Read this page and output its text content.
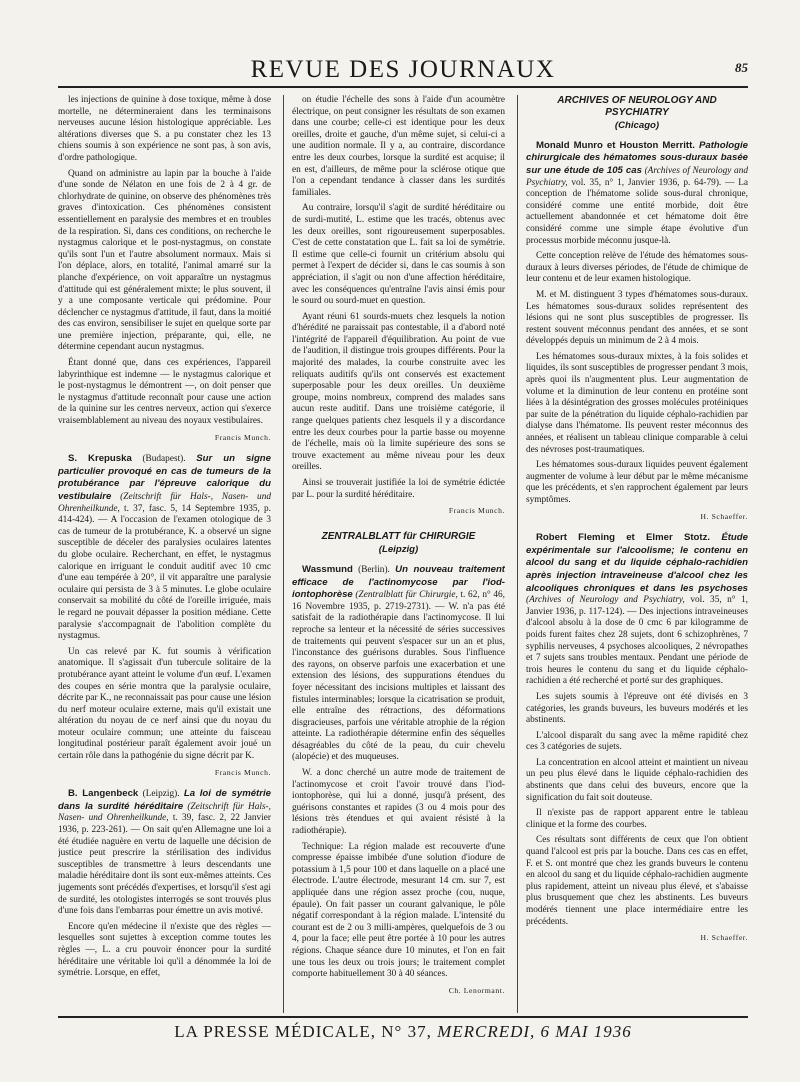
REVUE DES JOURNAUX	85

les injections de quinine à dose toxique, même à dose mortelle, ne détermineraient dans les terminaisons nerveuses aucune lésion histologique appréciable. Les altérations diverses que S. a pu constater chez les 13 chiens soumis à son expérience ne sont pas, à son avis, d'ordre pathologique.

Quand on administre au lapin par la bouche à l'aide d'une sonde de Nélaton en une fois de 2 à 4 gr. de chlorhydrate de quinine, on observe des phénomènes très graves d'intoxication. Ces phénomènes consistent essentiellement en paralysie des membres et en troubles de la respiration. Si, dans ces conditions, on recherche le nystagmus calorique et le post-nystagmus, on constate qu'ils sont l'un et l'autre absolument normaux. Mais si l'on déplace, alors, en totalité, l'animal amarré sur la planche d'expérience, on voit apparaître un nystagmus d'attitude qui est généralement mixte; le plus souvent, il y a une composante verticale qui prédomine. Pour déclencher ce nystagmus d'attitude, il faut, dans la moitié des cas environ, sensibiliser le sujet en quelque sorte par une première injection, préparante, qui, elle, ne détermine cependant aucun nystagmus.

Étant donné que, dans ces expériences, l'appareil labyrinthique est indemne — le nystagmus calorique et le post-nystagmus le démontrent —, on doit penser que le nystagmus d'attitude reconnaît pour cause une action de la quinine sur les centres nerveux, action qui s'exerce vraisemblablement au niveau des noyaux vestibulaires.

Francis Munch.

S. Krepuska (Budapest). Sur un signe particulier provoqué en cas de tumeurs de la protubérance par l'épreuve calorique du vestibulaire (Zeitschrift für Hals-, Nasen- und Ohrenheilkunde, t. 37, fasc. 5, 14 Septembre 1935, p. 414-424). — A l'occasion de l'examen otologique de 3 cas de tumeur de la protubérance, K. a observé un signe susceptible de déceler des paralysies oculaires latentes du globe oculaire. Recherchant, en effet, le nystagmus calorique en irriguant le conduit auditif avec 10 cmc d'une eau tempérée à 20°, il vit apparaître une paralysie oculaire qui persista de 3 à 5 minutes. Le globe oculaire conservait sa mobilité du côté de l'oreille irriguée, mais le regard ne pouvait dépasser la position médiane. Cette paralysie s'accompagnait de l'abolition complète du nystagmus.

Un cas relevé par K. fut soumis à vérification anatomique. Il s'agissait d'un tubercule solitaire de la protubérance ayant atteint le volume d'un œuf. L'examen des coupes en série montra que la paralysie oculaire, décrite par K., ne reconnaissait pas pour cause une lésion du nerf moteur oculaire externe, mais qu'il existait une altération du noyau de ce nerf ainsi que du noyau du moteur oculaire commun; une atteinte du faisceau longitudinal postérieur paraît également avoir joué un certain rôle dans la pathogénie du signe décrit par K.

Francis Munch.

B. Langenbeck (Leipzig). La loi de symétrie dans la surdité héréditaire (Zeitschrift für Hals-, Nasen- und Ohrenheilkunde, t. 39, fasc. 2, 22 Janvier 1936, p. 223-261). — On sait qu'en Allemagne une loi a été étudiée naguère en vertu de laquelle une décision de justice peut prescrire la stérilisation des individus susceptibles de transmettre à leurs descendants une maladie héréditaire dont ils sont eux-mêmes atteints. Ces jugements sont précédés d'expertises, et lorsqu'il s'est agi de surdité, les otologistes interrogés se sont trouvés plus d'une fois dans l'embarras pour émettre un avis motivé.

Encore qu'en médecine il n'existe que des règles — lesquelles sont sujettes à exception comme toutes les règles —, L. a cru pouvoir énoncer pour la surdité héréditaire une véritable loi qu'il a dénommée la loi de symétrie. Lorsque, en effet,

on étudie l'échelle des sons à l'aide d'un acoumètre électrique, on peut consigner les résultats de son examen dans une courbe; celle-ci est identique pour les deux oreilles, droite et gauche, d'un même sujet, si celui-ci a une audition normale. Il y a, au contraire, discordance entre les deux courbes, lorsque la surdité est acquise; il en est, d'ailleurs, de même pour la sclérose otique que l'on a cependant tendance à classer dans les surdités familiales.

Au contraire, lorsqu'il s'agit de surdité héréditaire ou de surdi-mutité, L. estime que les tracés, obtenus avec les deux oreilles, sont rigoureusement superposables. C'est de cette constatation que L. fait sa loi de symétrie. Il estime que celle-ci fournit un critérium absolu qui permet à l'expert de décider si, dans le cas soumis à son appréciation, il s'agit ou non d'une affection héréditaire, avec les conséquences qu'entraîne l'avis ainsi émis pour le sourd ou sourd-muet en question.

Ayant réuni 61 sourds-muets chez lesquels la notion d'hérédité ne paraissait pas contestable, il a d'abord noté l'intégrité de l'appareil d'équilibration. Au point de vue de l'audition, il distingue trois groupes différents. Pour la majorité des malades, la courbe construite avec les reliquats auditifs qu'ils ont conservés est exactement superposable pour les deux oreilles. Un deuxième groupe, moins nombreux, comprend des malades sans aucun reste auditif. Dans une troisième catégorie, il range quelques patients chez lesquels il y a discordance entre les deux courbes pour la partie basse ou moyenne de l'échelle, mais où la limite supérieure des sons se trouve exactement au même niveau pour les deux oreilles.

Ainsi se trouverait justifiée la loi de symétrie édictée par L. pour la surdité héréditaire.

Francis Munch.
ZENTRALBLATT für CHIRURGIE
(Leipzig)

Wassmund (Berlin). Un nouveau traitement efficace de l'actinomycose par l'iod-iontophorèse (Zentralblatt für Chirurgie, t. 62, n° 46, 16 Novembre 1935, p. 2719-2731). — W. n'a pas été satisfait de la radiothérapie dans l'actinomycose. Il lui reproche sa lenteur et la nécessité de séries successives de traitements qui peuvent s'espacer sur un an et plus, l'inconstance des guérisons durables. Sous l'influence des rayons, on observe parfois une exacerbation et une extension des lésions, des suppurations étendues du foyer nécessitant des incisions multiples et laissant des fistules interminables; lorsque la cicatrisation se produit, elle entraîne des rétractions, des déformations disgracieuses, parfois une véritable atrophie de la région atteinte. La radiothérapie détermine enfin des séquelles désagréables du côté de la peau, du cuir chevelu (alopécie) et des muqueuses.

W. a donc cherché un autre mode de traitement de l'actinomycose et croit l'avoir trouvé dans l'iod-iontophorèse, qui lui a donné, jusqu'à présent, des guérisons constantes et rapides (3 ou 4 mois pour des lésions très étendues et qui avaient résisté à la radiothérapie).

Technique: La région malade est recouverte d'une compresse épaisse imbibée d'une solution d'iodure de potassium à 1,5 pour 100 et dans laquelle on a placé une électrode. L'autre électrode, mesurant 14 cm. sur 7, est appliquée dans une région assez proche (cou, nuque, épaule). On fait passer un courant galvanique, le pôle négatif correspondant à la région malade. L'intensité du courant est de 2 ou 3 milli-ampères, quelquefois de 3 ou 4, pour la face; elle peut être portée à 10 pour les autres régions. Chaque séance dure 10 minutes, et l'on en fait une tous les deux ou trois jours; le traitement complet comporte habituellement 30 à 40 séances.

Ch. Lenormant.
ARCHIVES OF NEUROLOGY AND PSYCHIATRY
(Chicago)

Monald Munro et Houston Merritt. Pathologie chirurgicale des hématomes sous-duraux basée sur une étude de 105 cas (Archives of Neurology and Psychiatry, vol. 35, n° 1, Janvier 1936, p. 64-79). — La conception de l'hématome solide sous-dural chronique, considéré comme une entité morbide, doit être actuellement abandonnée et cet hématome doit être considéré comme une simple étape évolutive d'un processus morbide méconnu jusque-là.

Cette conception relève de l'étude des hématomes sous-duraux à leurs diverses périodes, de l'étude de chimique de leur contenu et de leur examen histologique.

M. et M. distinguent 3 types d'hématomes sous-duraux. Les hématomes sous-duraux solides représentent des lésions qui ne sont plus susceptibles de progresser. Ils restent souvent méconnus pendant des années, et se sont développés depuis un minimum de 2 à 4 mois.

Les hématomes sous-duraux mixtes, à la fois solides et liquides, ils sont susceptibles de progresser pendant 3 mois, après quoi ils n'augmentent plus. Leur augmentation de volume et la diminution de leur contenu en protéine sont liées à la désintégration des grosses molécules protéiniques par suite de la pénétration du liquide céphalo-rachidien par dialyse dans l'hématome. Ils peuvent rester méconnus des années, et réalisent un tableau clinique comparable à celui des névroses post-traumatiques.

Les hématomes sous-duraux liquides peuvent également augmenter de volume à leur début par le même mécanisme que les précédents, et s'en rapprochent également par leurs symptômes.

H. Schaeffer.

Robert Fleming et Elmer Stotz. Étude expérimentale sur l'alcoolisme; le contenu en alcool du sang et du liquide céphalo-rachidien après injection intraveineuse d'alcool chez les alcooliques chroniques et dans les psychoses (Archives of Neurology and Psychiatry, vol. 35, n° 1, Janvier 1936, p. 117-124). — Des injections intraveineuses d'alcool absolu à la dose de 0 cmc 6 par kilogramme de poids furent faites chez 28 sujets, dont 6 schizophrènes, 7 syphilis nerveuses, 4 psychoses alcooliques, 2 névropathes et 7 sujets sans troubles mentaux. Pendant une période de trois heures le contenu du sang et du liquide céphalo-rachidien a été recherché et porté sur des graphiques.

Les sujets soumis à l'épreuve ont été divisés en 3 catégories, les grands buveurs, les buveurs modérés et les abstinents.

L'alcool disparaît du sang avec la même rapidité chez ces 3 catégories de sujets.

La concentration en alcool atteint et maintient un niveau un peu plus élevé dans le liquide céphalo-rachidien des abstinents que dans celui des buveurs, encore que la signification du fait soit douteuse.

Il n'existe pas de rapport apparent entre le tableau clinique et la forme des courbes.

Ces résultats sont différents de ceux que l'on obtient quand l'alcool est pris par la bouche. Dans ces cas en effet, F. et S. ont montré que chez les grands buveurs le contenu en alcool du sang et du liquide céphalo-rachidien augmente plus rapidement, atteint un niveau plus élevé, et s'abaisse plus brusquement que chez les abstinents. Les buveurs modérés tiennent une place intermédiaire entre les précédents.

H. Schaeffer.
LA PRESSE MÉDICALE, N° 37, MERCREDI, 6 MAI 1936
